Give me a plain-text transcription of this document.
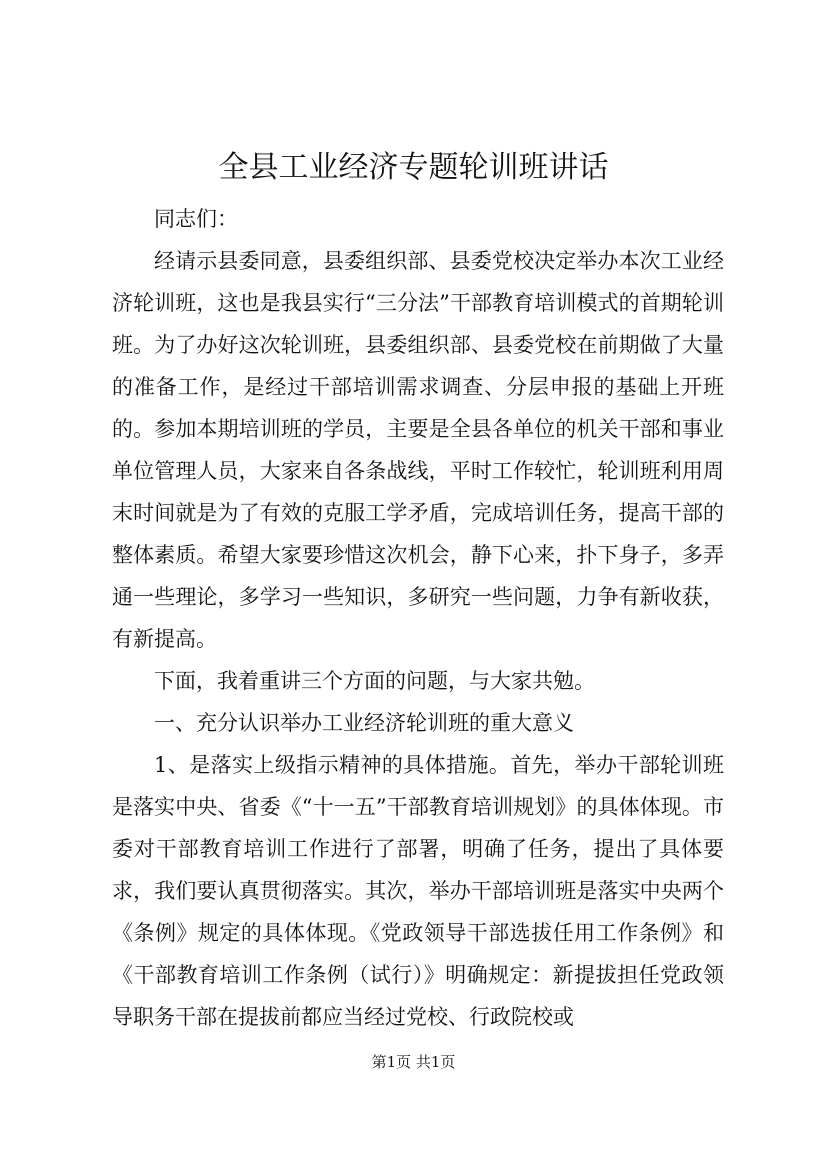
全县工业经济专题轮训班讲话

同志们：

经请示县委同意，县委组织部、县委党校决定举办本次工业经济轮训班，这也是我县实行“三分法”干部教育培训模式的首期轮训班。为了办好这次轮训班，县委组织部、县委党校在前期做了大量的准备工作，是经过干部培训需求调查、分层申报的基础上开班的。参加本期培训班的学员，主要是全县各单位的机关干部和事业单位管理人员，大家来自各条战线，平时工作较忙，轮训班利用周末时间就是为了有效的克服工学矛盾，完成培训任务，提高干部的整体素质。希望大家要珍惜这次机会，静下心来，扑下身子，多弄通一些理论，多学习一些知识，多研究一些问题，力争有新收获，有新提高。

下面，我着重讲三个方面的问题，与大家共勉。

一、充分认识举办工业经济轮训班的重大意义

1、是落实上级指示精神的具体措施。首先，举办干部轮训班是落实中央、省委《“十一五”干部教育培训规划》的具体体现。市委对干部教育培训工作进行了部署，明确了任务，提出了具体要求，我们要认真贯彻落实。其次，举办干部培训班是落实中央两个《条例》规定的具体体现。《党政领导干部选拔任用工作条例》和《干部教育培训工作条例（试行）》明确规定：新提拔担任党政领导职务干部在提拔前都应当经过党校、行政院校或

第1页 共1页
